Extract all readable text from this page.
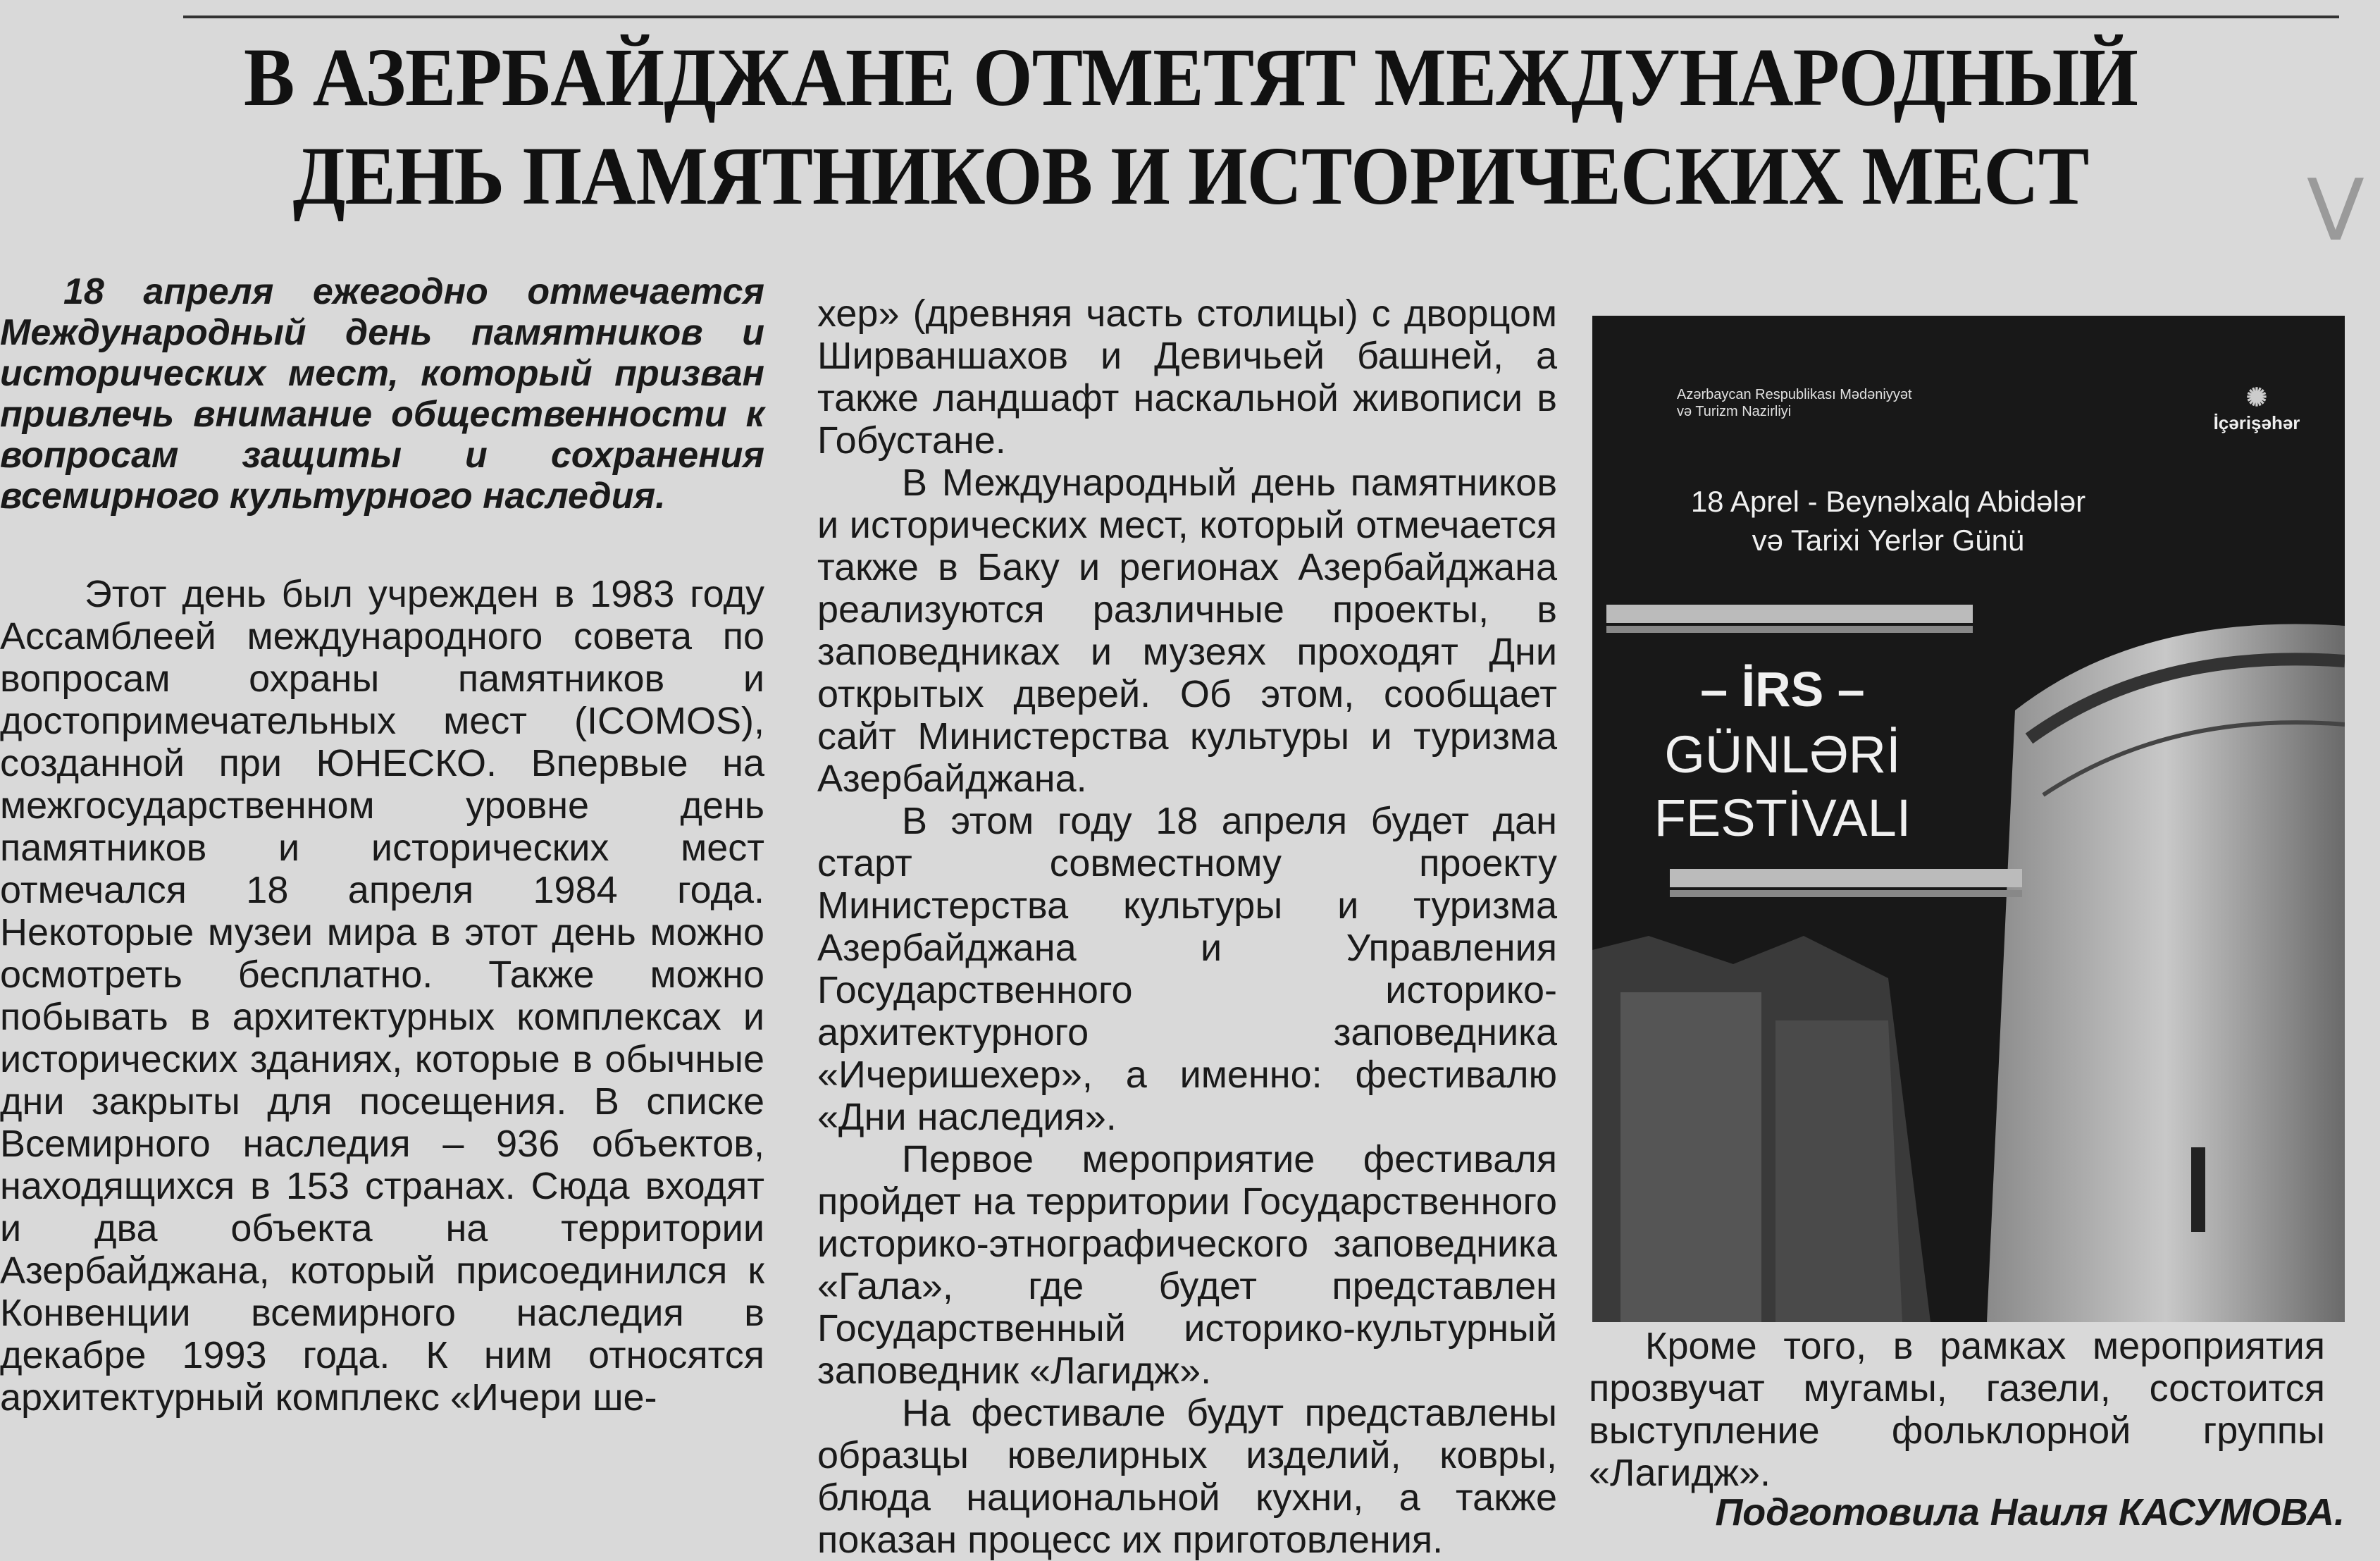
В АЗЕРБАЙДЖАНЕ ОТМЕТЯТ МЕЖДУНАРОДНЫЙ
ДЕНЬ ПАМЯТНИКОВ И ИСТОРИЧЕСКИХ МЕСТ	V

18 апреля ежегодно отмечается Международный день памятников и исторических мест, который призван привлечь внимание общественности к вопросам защиты и сохранения всемирного культурного наследия.

Этот день был учрежден в 1983 году Ассамблеей международного совета по вопросам охраны памятников и достопримечательных мест (ICOMOS), созданной при ЮНЕСКО. Впервые на межгосударственном уровне день памятников и исторических мест отмечался 18 апреля 1984 года. Некоторые музеи мира в этот день можно осмотреть бесплатно. Также можно побывать в архитектурных комплексах и исторических зданиях, которые в обычные дни закрыты для посещения. В списке Всемирного наследия – 936 объектов, находящихся в 153 странах. Сюда входят и два объекта на территории Азербайджана, который присоединился к Конвенции всемирного наследия в декабре 1993 года. К ним относятся архитектурный комплекс «Ичери ше-

хер» (древняя часть столицы) с дворцом Ширваншахов и Девичьей башней, а также ландшафт наскальной живописи в Гобустане.

В Международный день памятников и исторических мест, который отмечается также в Баку и регионах Азербайджана реализуются различные проекты, в заповедниках и музеях проходят Дни открытых дверей. Об этом, сообщает сайт Министерства культуры и туризма Азербайджана.

В этом году 18 апреля будет дан старт совместному проекту Министерства культуры и туризма Азербайджана и Управления Государственного историко-архитектурного заповедника «Ичеришехер», а именно: фестивалю «Дни наследия».

Первое мероприятие фестиваля пройдет на территории Государственного историко-этнографического заповедника «Гала», где будет представлен Государственный историко-культурный заповедник «Лагидж».

На фестивале будут представлены образцы ювелирных изделий, ковры, блюда национальной кухни, а также показан процесс их приготовления.

Azərbaycan Respublikası Mədəniyyət və Turizm Nazirliyi	✺
İçərişəhər
18 Aprel - Beynəlxalq Abidələr
və Tarixi Yerlər Günü
– İRS –
GÜNLƏRİ
FESTİVALI

Кроме того, в рамках мероприятия прозвучат мугамы, газели, состоится выступление фольклорной группы «Лагидж».

Подготовила Наиля КАСУМОВА.
